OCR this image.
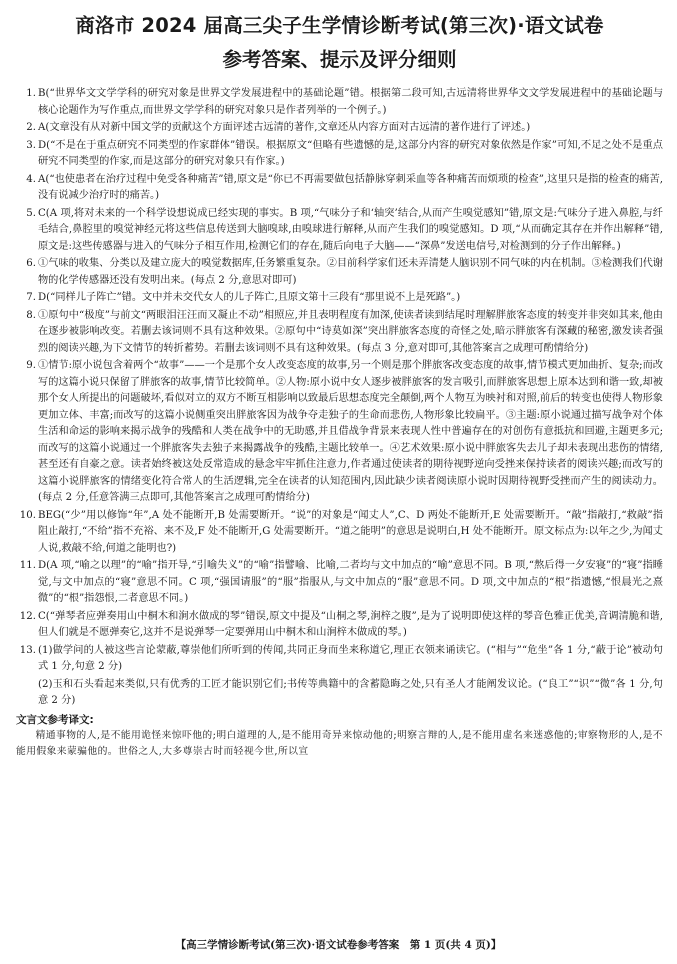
商洛市 2024 届高三尖子生学情诊断考试(第三次)·语文试卷
参考答案、提示及评分细则
1. B(“世界华文文学学科的研究对象是世界文学发展进程中的基础论题”错。根据第二段可知,古远清将世界华文文学发展进程中的基础论题与核心论题作为写作重点,而世界文学学科的研究对象只是作者列举的一个例子。)
2. A(文章没有从对新中国文学的贡献这个方面评述古远清的著作,文章还从内容方面对古远清的著作进行了评述。)
3. D(“不是在于重点研究不同类型的作家群体”错误。根据原文“但略有些遗憾的是,这部分内容的研究对象依然是作家”可知,不足之处不是重点研究不同类型的作家,而是这部分的研究对象只有作家。)
4. A(“也使患者在治疗过程中免受各种痛苦”错,原文是“你已不再需要做包括静脉穿刺采血等各种痛苦而烦琐的检查”,这里只是指的检查的痛苦,没有说减少治疗时的痛苦。)
5. C(A 项,将对未来的一个科学设想说成已经实现的事实。B 项,“气味分子和‘轴突’结合,从而产生嗅觉感知”错,原文是:气味分子进入鼻腔,与纤毛结合,鼻腔里的嗅觉神经元将这些信息传送到大脑嗅球,由嗅球进行解释,从而产生我们的嗅觉感知。D 项,“从而确定其存在并作出解释”错,原文是:这些传感器与进入的气味分子相互作用,检测它们的存在,随后向电子大脑——“深鼻”发送电信号,对检测到的分子作出解释。)
6. ①气味的收集、分类以及建立庞大的嗅觉数据库,任务繁重复杂。②目前科学家们还未弄清楚人脑识别不同气味的内在机制。③检测我们代谢物的化学传感器还没有发明出来。(每点 2 分,意思对即可)
7. D(“同样儿子阵亡”错。文中并未交代女人的儿子阵亡,且原文第十三段有“那里说不上是死路”。)
8. ①原句中“极度”与前文“两眼泪汪汪而又凝止不动”相照应,并且表明程度有加深,使读者读到结尾时理解胖旅客态度的转变并非突如其来,他由在逐步被影响改变。若删去该词则不具有这种效果。②原句中“诗莫如深”突出胖旅客态度的奇怪之处,暗示胖旅客有深藏的秘密,激发读者强烈的阅读兴趣,为下文情节的转折蓄势。若删去该词则不具有这种效果。(每点 3 分,意对即可,其他答案言之成理可酌情给分)
9. ①情节:原小说包含着两个“故事”——一个是那个女人改变态度的故事,另一个则是那个胖旅客改变态度的故事,情节模式更加曲折、复杂;而改写的这篇小说只保留了胖旅客的故事,情节比较简单。②人物:原小说中女人逐步被胖旅客的发言吸引,而胖旅客思想上原本达到和谐一致,却被那个女人所提出的问题破坏,看似对立的双方不断互相影响以致最后思想态度完全颠倒,两个人物互为映衬和对照,前后的转变也使得人物形象更加立体、丰富;而改写的这篇小说侧重突出胖旅客因为战争夺走独子的生命而悲伤,人物形象比较扁平。③主题:原小说通过描写战争对个体生活和命运的影响来揭示战争的残酷和人类在战争中的无助感,并且借战争背景来表现人性中普遍存在的对创伤有意抵抗和回避,主题更多元;而改写的这篇小说通过一个胖旅客失去独子来揭露战争的残酷,主题比较单一。④艺术效果:原小说中胖旅客失去儿子却未表现出悲伤的情绪,甚至还有自豪之意。读者始终被这处反常造成的悬念牢牢抓住注意力,作者通过使读者的期待视野逆向受挫来保持读者的阅读兴趣;而改写的这篇小说胖旅客的情绪变化符合常人的生活逻辑,完全在读者的认知范围内,因此缺少读者阅读原小说时因期待视野受挫而产生的阅读动力。(每点 2 分,任意答满三点即可,其他答案言之成理可酌情给分)
10. BEG(“少”用以修饰“年”,A 处不能断开,B 处需要断开。“说”的对象是“闻丈人”,C、D 两处不能断开,E 处需要断开。“敲”指敲打,“救敲”指阻止敲打,“不给”指不充裕、来不及,F 处不能断开,G 处需要断开。“道之能明”的意思是说明白,H 处不能断开。原文标点为:以年之少,为闻丈人说,救敲不给,何道之能明也?)
11. D(A 项,“喻之以理”的“喻”指开导,“引喻失义”的“喻”指譬喻、比喻,二者均与文中加点的“喻”意思不同。B 项,“熬后得一夕安寝”的“寝”指睡觉,与文中加点的“寝”意思不同。C 项,“强国请服”的“服”指服从,与文中加点的“服”意思不同。D 项,文中加点的“根”指遗憾,“恨晨光之熹微”的“根”指怨恨,二者意思不同。)
12. C(“弹琴者应弹奏用山中桐木和涧水做成的琴”错误,原文中提及“山桐之琴,涧梓之腹”,是为了说明即使这样的琴音色雅正优美,音调清脆和谐,但人们就是不愿弹奏它,这并不是说弹琴一定要弹用山中桐木和山涧梓木做成的琴。)
13. (1)做学问的人被这些言论蒙蔽,尊崇他们所听到的传闻,共同正身而坐来称道它,理正衣领来诵读它。(“相与”“危坐”各 1 分,“蔽于论”被动句式 1 分,句意 2 分)
(2)玉和石头看起来类似,只有优秀的工匠才能识别它们;书传等典籍中的含蓄隐晦之处,只有圣人才能阐发议论。(“良工”“识”“微”各 1 分,句意 2 分)
文言文参考译文:
精通事物的人,是不能用诡怪来惊吓他的;明白道理的人,是不能用奇异来惊动他的;明察言辩的人,是不能用虚名来迷惑他的;审察物形的人,是不能用假象来蒙骗他的。世俗之人,大多尊崇古时而轻视今世,所以宣
【高三学情诊断考试(第三次)·语文试卷参考答案　第 1 页(共 4 页)】
